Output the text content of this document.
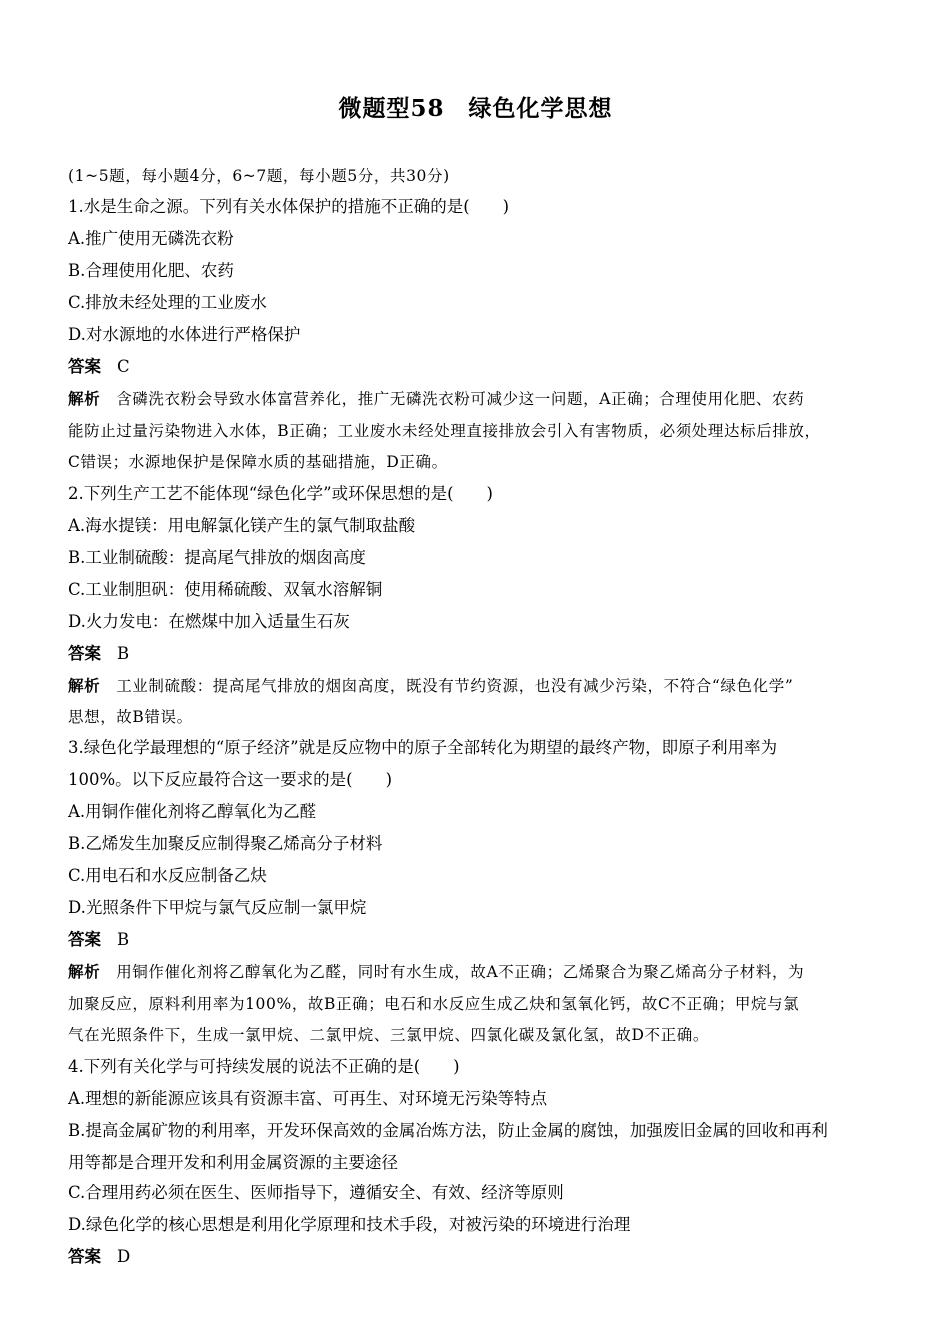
微题型58　绿色化学思想
(1~5题，每小题4分，6~7题，每小题5分，共30分)
1.水是生命之源。下列有关水体保护的措施不正确的是(　　)
A.推广使用无磷洗衣粉
B.合理使用化肥、农药
C.排放未经处理的工业废水
D.对水源地的水体进行严格保护
答案 C
解析 含磷洗衣粉会导致水体富营养化，推广无磷洗衣粉可减少这一问题，A正确；合理使用化肥、农药
能防止过量污染物进入水体，B正确；工业废水未经处理直接排放会引入有害物质，必须处理达标后排放，
C错误；水源地保护是保障水质的基础措施，D正确。
2.下列生产工艺不能体现“绿色化学”或环保思想的是(　　)
A.海水提镁：用电解氯化镁产生的氯气制取盐酸
B.工业制硫酸：提高尾气排放的烟囱高度
C.工业制胆矾：使用稀硫酸、双氧水溶解铜
D.火力发电：在燃煤中加入适量生石灰
答案 B
解析 工业制硫酸：提高尾气排放的烟囱高度，既没有节约资源，也没有减少污染，不符合“绿色化学”
思想，故B错误。
3.绿色化学最理想的“原子经济”就是反应物中的原子全部转化为期望的最终产物，即原子利用率为
100%。以下反应最符合这一要求的是(　　)
A.用铜作催化剂将乙醇氧化为乙醛
B.乙烯发生加聚反应制得聚乙烯高分子材料
C.用电石和水反应制备乙炔
D.光照条件下甲烷与氯气反应制一氯甲烷
答案 B
解析 用铜作催化剂将乙醇氧化为乙醛，同时有水生成，故A不正确；乙烯聚合为聚乙烯高分子材料，为
加聚反应，原料利用率为100%，故B正确；电石和水反应生成乙炔和氢氧化钙，故C不正确；甲烷与氯
气在光照条件下，生成一氯甲烷、二氯甲烷、三氯甲烷、四氯化碳及氯化氢，故D不正确。
4.下列有关化学与可持续发展的说法不正确的是(　　)
A.理想的新能源应该具有资源丰富、可再生、对环境无污染等特点
B.提高金属矿物的利用率，开发环保高效的金属冶炼方法，防止金属的腐蚀，加强废旧金属的回收和再利
用等都是合理开发和利用金属资源的主要途径
C.合理用药必须在医生、医师指导下，遵循安全、有效、经济等原则
D.绿色化学的核心思想是利用化学原理和技术手段，对被污染的环境进行治理
答案 D
